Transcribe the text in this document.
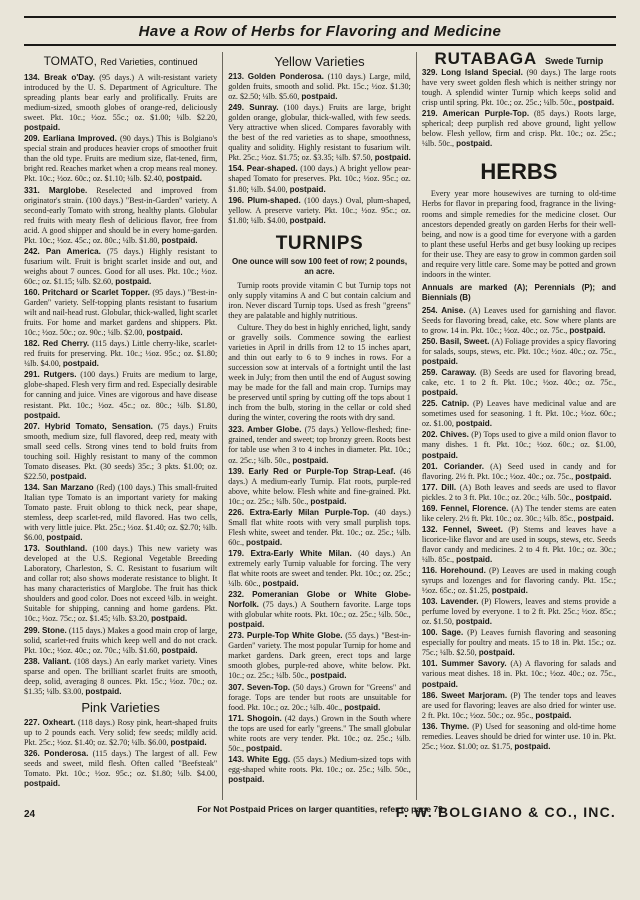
Have a Row of Herbs for Flavoring and Medicine
TOMATO, Red Varieties, continued

134. Break o'Day. (95 days.) A wilt-resistant variety introduced by the U. S. Department of Agriculture. The spreading plants bear early and prolifically. Fruits are medium-sized, smooth globes of orange-red, deliciously sweet. Pkt. 10c.; ½oz. 55c.; oz. $1.00; ¼lb. $2.20, postpaid.

209. Earliana Improved. (90 days.) This is Bolgiano's special strain and produces heavier crops of smoother fruit than the old type. Fruits are medium size, flat-tened, firm, bright red. Reaches market when a crop means real money. Pkt. 10c.; ½oz. 60c.; oz. $1.10; ¼lb. $2.40, postpaid.

331. Marglobe. Reselected and improved from originator's strain. (100 days.) "Best-in-Garden" variety. A second-early Tomato with strong, healthy plants. Globular red fruits with meaty flesh of delicious flavor, free from acid. A good shipper and should be in every home-garden. Pkt. 10c.; ½oz. 45c.; oz. 80c.; ¼lb. $1.80, postpaid.

242. Pan America. (75 days.) Highly resistant to fusarium wilt. Fruit is bright scarlet inside and out, and weighs about 7 ounces. Good for all uses. Pkt. 10c.; ½oz. 60c.; oz. $1.15; ¼lb. $2.60, postpaid.

160. Pritchard or Scarlet Topper. (95 days.) "Best-in-Garden" variety. Self-topping plants resistant to fusarium wilt and nail-head rust. Globular, thick-walled, light scarlet fruits. For home and market gardens and shippers. Pkt. 10c.; ½oz. 50c.; oz. 90c.; ¼lb. $2.00, postpaid.

182. Red Cherry. (115 days.) Little cherry-like, scarlet-red fruits for preserving. Pkt. 10c.; ½oz. 95c.; oz. $1.80; ¼lb. $4.00, postpaid.

291. Rutgers. (100 days.) Fruits are medium to large, globe-shaped. Flesh very firm and red. Especially desirable for canning and juice. Vines are vigorous and have disease resistant. Pkt. 10c.; ½oz. 45c.; oz. 80c.; ¼lb. $1.80, postpaid.

207. Hybrid Tomato, Sensation. (75 days.) Fruits smooth, medium size, full flavored, deep red, meaty with small seed cells. Strong vines tend to bold fruits from touching soil. Highly resistant to many of the common Tomato diseases. Pkt. (30 seeds) 35c.; 3 pkts. $1.00; oz. $22.50, postpaid.

134. San Marzano (Red) (100 days.) This small-fruited Italian type Tomato is an important variety for making Tomato paste. Fruit oblong to thick neck, pear shape, stemless, deep scarlet-red, mild flavored. Has two cells, with very little juice. Pkt. 25c.; ½oz. $1.40; oz. $2.70; ¼lb. $6.00, postpaid.

173. Southland. (100 days.) This new variety was developed at the U.S. Regional Vegetable Breeding Laboratory, Charleston, S. C. Resistant to fusarium wilt and collar rot; also shows moderate resistance to blight. It has many characteristics of Marglobe. The fruit has thick shoulders and good color. Does not exceed ¼lb. in weight. Suitable for shipping, canning and home gardens. Pkt. 10c.; ½oz. 75c.; oz. $1.45; ¼lb. $3.20, postpaid.

299. Stone. (115 days.) Makes a good main crop of large, solid, scarlet-red fruits which keep well and do not crack. Pkt. 10c.; ½oz. 40c.; oz. 70c.; ¼lb. $1.60, postpaid.

238. Valiant. (108 days.) An early market variety. Vines sparse and open. The brilliant scarlet fruits are smooth, deep, solid, averaging 8 ounces. Pkt. 15c.; ½oz. 70c.; oz. $1.35; ¼lb. $3.00, postpaid.

Pink Varieties

227. Oxheart. (118 days.) Rosy pink, heart-shaped fruits up to 2 pounds each. Very solid; few seeds; mildly acid. Pkt. 25c.; ½oz. $1.40; oz. $2.70; ¼lb. $6.00, postpaid.

326. Ponderosa. (115 days.) The largest of all. Few seeds and sweet, mild flesh. Often called "Beefsteak" Tomato. Pkt. 10c.; ½oz. 95c.; oz. $1.80; ¼lb. $4.00, postpaid.

Yellow Varieties

213. Golden Ponderosa. (110 days.) Large, mild, golden fruits, smooth and solid. Pkt. 15c.; ½oz. $1.30; oz. $2.50; ¼lb. $5.60, postpaid.

249. Sunray. (100 days.) Fruits are large, bright golden orange, globular, thick-walled, with few seeds. Very attractive when sliced. Compares favorably with the best of the red varieties as to shape, smoothness, quality and solidity. Highly resistant to fusarium wilt. Pkt. 25c.; ½oz. $1.75; oz. $3.35; ¼lb. $7.50, postpaid.

154. Pear-shaped. (100 days.) A bright yellow pear-shaped Tomato for preserves. Pkt. 10c.; ½oz. 95c.; oz. $1.80; ¼lb. $4.00, postpaid.

196. Plum-shaped. (100 days.) Oval, plum-shaped, yellow. A preserve variety. Pkt. 10c.; ½oz. 95c.; oz. $1.80; ¼lb. $4.00, postpaid.

TURNIPS
One ounce will sow 100 feet of row; 2 pounds, an acre.

Turnip roots provide vitamin C but Turnip tops not only supply vitamins A and C but contain calcium and iron. Never discard Turnip tops. Used as fresh "greens" they are palatable and highly nutritious.

Culture. They do best in highly enriched, light, sandy or gravelly soils. Commence sowing the earliest varieties in April in drills from 12 to 15 inches apart, and thin out early to 6 to 9 inches in rows. For a succession sow at intervals of a fortnight until the last week in July; from then until the end of August sowing may be made for the fall and main crop. Turnips may be preserved until spring by cutting off the tops about 1 inch from the bulb, storing in the cellar or cold shed during the winter, covering the roots with dry sand.

323. Amber Globe. (75 days.) Yellow-fleshed; fine-grained, tender and sweet; top bronzy green. Roots best for table use when 3 to 4 inches in diameter. Pkt. 10c.; oz. 25c.; ¼lb. 50c., postpaid.

139. Early Red or Purple-Top Strap-Leaf. (46 days.) A medium-early Turnip. Flat roots, purple-red above, white below. Flesh white and fine-grained. Pkt. 10c.; oz. 25c.; ¼lb. 50c., postpaid.

226. Extra-Early Milan Purple-Top. (40 days.) Small flat white roots with very small purplish tops. Flesh white, sweet and tender. Pkt. 10c.; oz. 25c.; ¼lb. 60c., postpaid.

179. Extra-Early White Milan. (40 days.) An extremely early Turnip valuable for forcing. The very flat white roots are sweet and tender. Pkt. 10c.; oz. 25c.; ¼lb. 60c., postpaid.

232. Pomeranian Globe or White Globe-Norfolk. (75 days.) A Southern favorite. Large tops with globular white roots. Pkt. 10c.; oz. 25c.; ¼lb. 50c., postpaid.

273. Purple-Top White Globe. (55 days.) "Best-in-Garden" variety. The most popular Turnip for home and market gardens. Dark green, erect tops and large smooth globes, purple-red above, white below. Pkt. 10c.; oz. 25c.; ¼lb. 50c., postpaid.

307. Seven-Top. (50 days.) Grown for "Greens" and forage. Tops are tender but roots are unsuitable for food. Pkt. 10c.; oz. 20c.; ¼lb. 40c., postpaid.

171. Shogoin. (42 days.) Grown in the South where the tops are used for early "greens." The small globular white roots are very tender. Pkt. 10c.; oz. 25c.; ¼lb. 50c., postpaid.

143. White Egg. (55 days.) Medium-sized tops with egg-shaped white roots. Pkt. 10c.; oz. 25c.; ¼lb. 50c., postpaid.

RUTABAGA Swede Turnip

329. Long Island Special. (90 days.) The large roots have very sweet golden flesh which is neither stringy nor tough. A splendid winter Turnip which keeps solid and crisp until spring. Pkt. 10c.; oz. 25c.; ¼lb. 50c., postpaid.

219. American Purple-Top. (85 days.) Roots large, spherical; deep purplish red above ground, light yellow below. Flesh yellow, firm and crisp. Pkt. 10c.; oz. 25c.; ¼lb. 50c., postpaid.

HERBS

Every year more housewives are turning to old-time Herbs for flavor in preparing food, fragrance in the living-rooms and simple remedies for the medicine closet. Our ancestors depended greatly on garden Herbs for their well-being, and now is a good time for everyone with a garden to plant these useful Herbs and get busy looking up recipes for their use. They are easy to grow in common garden soil and require very little care. Some may be potted and grown indoors in the winter.

Annuals are marked (A); Perennials (P); and Biennials (B)

254. Anise. (A) Leaves used for garnishing and flavor. Seeds for flavoring bread, cake, etc. Sow where plants are to grow. 14 in. Pkt. 10c.; ½oz. 40c.; oz. 75c., postpaid.

250. Basil, Sweet. (A) Foliage provides a spicy flavoring for salads, soups, stews, etc. Pkt. 10c.; ½oz. 40c.; oz. 75c., postpaid.

259. Caraway. (B) Seeds are used for flavoring bread, cake, etc. 1 to 2 ft. Pkt. 10c.; ½oz. 40c.; oz. 75c., postpaid.

225. Catnip. (P) Leaves have medicinal value and are sometimes used for seasoning. 1 ft. Pkt. 10c.; ½oz. 60c.; oz. $1.00, postpaid.

202. Chives. (P) Tops used to give a mild onion flavor to many dishes. 1 ft. Pkt. 10c.; ½oz. 60c.; oz. $1.00, postpaid.

201. Coriander. (A) Seed used in candy and for flavoring. 2½ ft. Pkt. 10c.; ½oz. 40c.; oz. 75c., postpaid.

177. Dill. (A) Both leaves and seeds are used to flavor pickles. 2 to 3 ft. Pkt. 10c.; oz. 20c.; ¼lb. 50c., postpaid.

169. Fennel, Florence. (A) The tender stems are eaten like celery. 2½ ft. Pkt. 10c.; oz. 30c.; ¼lb. 85c., postpaid.

132. Fennel, Sweet. (P) Stems and leaves have a licorice-like flavor and are used in soups, stews, etc. Seeds flavor candy and medicines. 2 to 4 ft. Pkt. 10c.; oz. 30c.; ¼lb. 85c., postpaid.

116. Horehound. (P) Leaves are used in making cough syrups and lozenges and for flavoring candy. Pkt. 15c.; ½oz. 65c.; oz. $1.25, postpaid.

103. Lavender. (P) Flowers, leaves and stems provide a perfume loved by everyone. 1 to 2 ft. Pkt. 25c.; ½oz. 85c.; oz. $1.50, postpaid.

100. Sage. (P) Leaves furnish flavoring and seasoning especially for poultry and meats. 15 to 18 in. Pkt. 15c.; oz. 75c.; ¼lb. $2.50, postpaid.

101. Summer Savory. (A) A flavoring for salads and various meat dishes. 18 in. Pkt. 10c.; ½oz. 40c.; oz. 75c., postpaid.

186. Sweet Marjoram. (P) The tender tops and leaves are used for flavoring; leaves are also dried for winter use. 2 ft. Pkt. 10c.; ½oz. 50c.; oz. 95c., postpaid.

136. Thyme. (P) Used for seasoning and old-time home remedies. Leaves should be dried for winter use. 10 in. Pkt. 25c.; ½oz. $1.00; oz. $1.75, postpaid.

For Not Postpaid Prices on larger quantities, refer to page 79
24	F. W. BOLGIANO & CO., INC.
